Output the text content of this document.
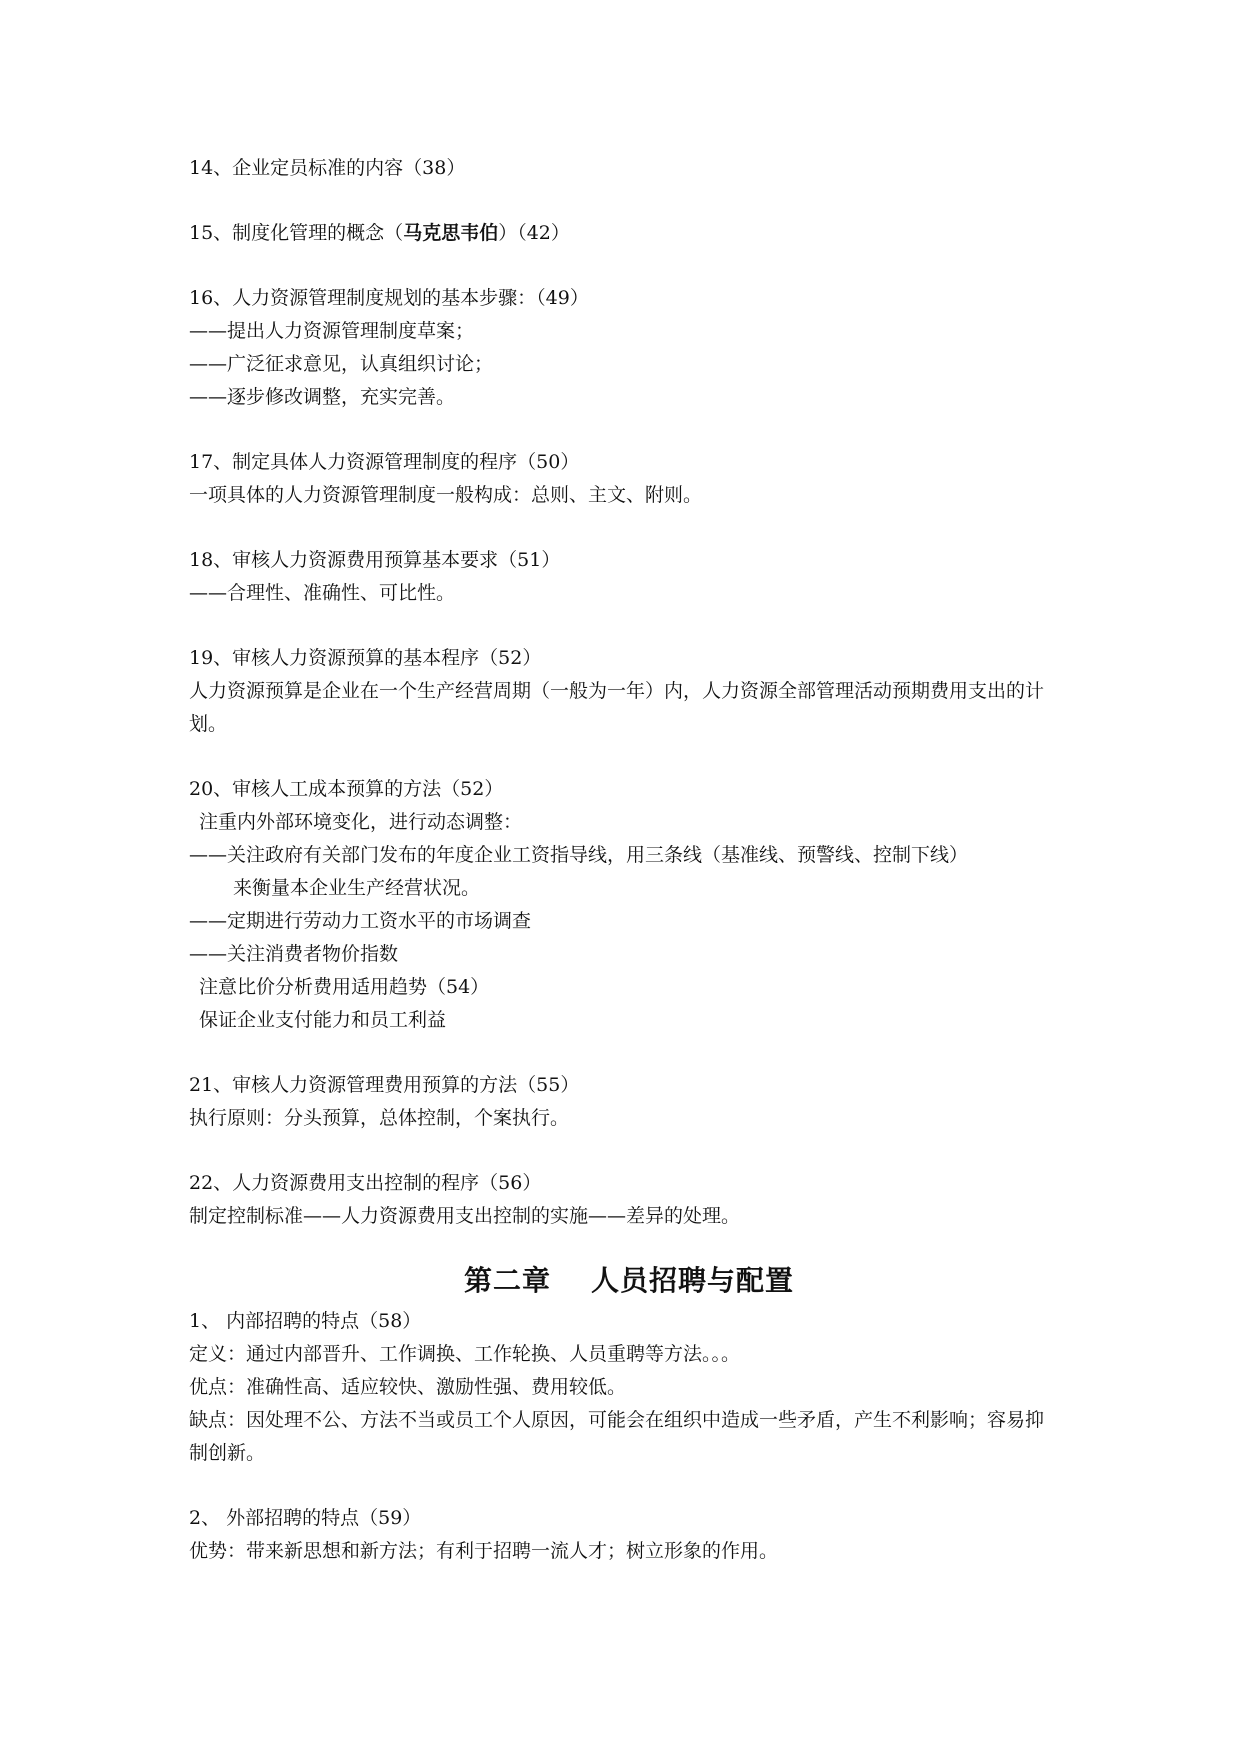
14、企业定员标准的内容（38）
15、制度化管理的概念（马克思韦伯）（42）
16、人力资源管理制度规划的基本步骤：（49）
——提出人力资源管理制度草案；
——广泛征求意见，认真组织讨论；
——逐步修改调整，充实完善。
17、制定具体人力资源管理制度的程序（50）
一项具体的人力资源管理制度一般构成：总则、主文、附则。
18、审核人力资源费用预算基本要求（51）
——合理性、准确性、可比性。
19、审核人力资源预算的基本程序（52）
人力资源预算是企业在一个生产经营周期（一般为一年）内，人力资源全部管理活动预期费用支出的计划。
20、审核人工成本预算的方法（52）
注重内外部环境变化，进行动态调整：
——关注政府有关部门发布的年度企业工资指导线，用三条线（基准线、预警线、控制下线）
来衡量本企业生产经营状况。
——定期进行劳动力工资水平的市场调查
——关注消费者物价指数
注意比价分析费用适用趋势（54）
保证企业支付能力和员工利益
21、审核人力资源管理费用预算的方法（55）
执行原则：分头预算，总体控制，个案执行。
22、人力资源费用支出控制的程序（56）
制定控制标准——人力资源费用支出控制的实施——差异的处理。
第二章 人员招聘与配置
1、 内部招聘的特点（58）
定义：通过内部晋升、工作调换、工作轮换、人员重聘等方法。。。
优点：准确性高、适应较快、激励性强、费用较低。
缺点：因处理不公、方法不当或员工个人原因，可能会在组织中造成一些矛盾，产生不利影响；容易抑制创新。
2、 外部招聘的特点（59）
优势：带来新思想和新方法；有利于招聘一流人才；树立形象的作用。
